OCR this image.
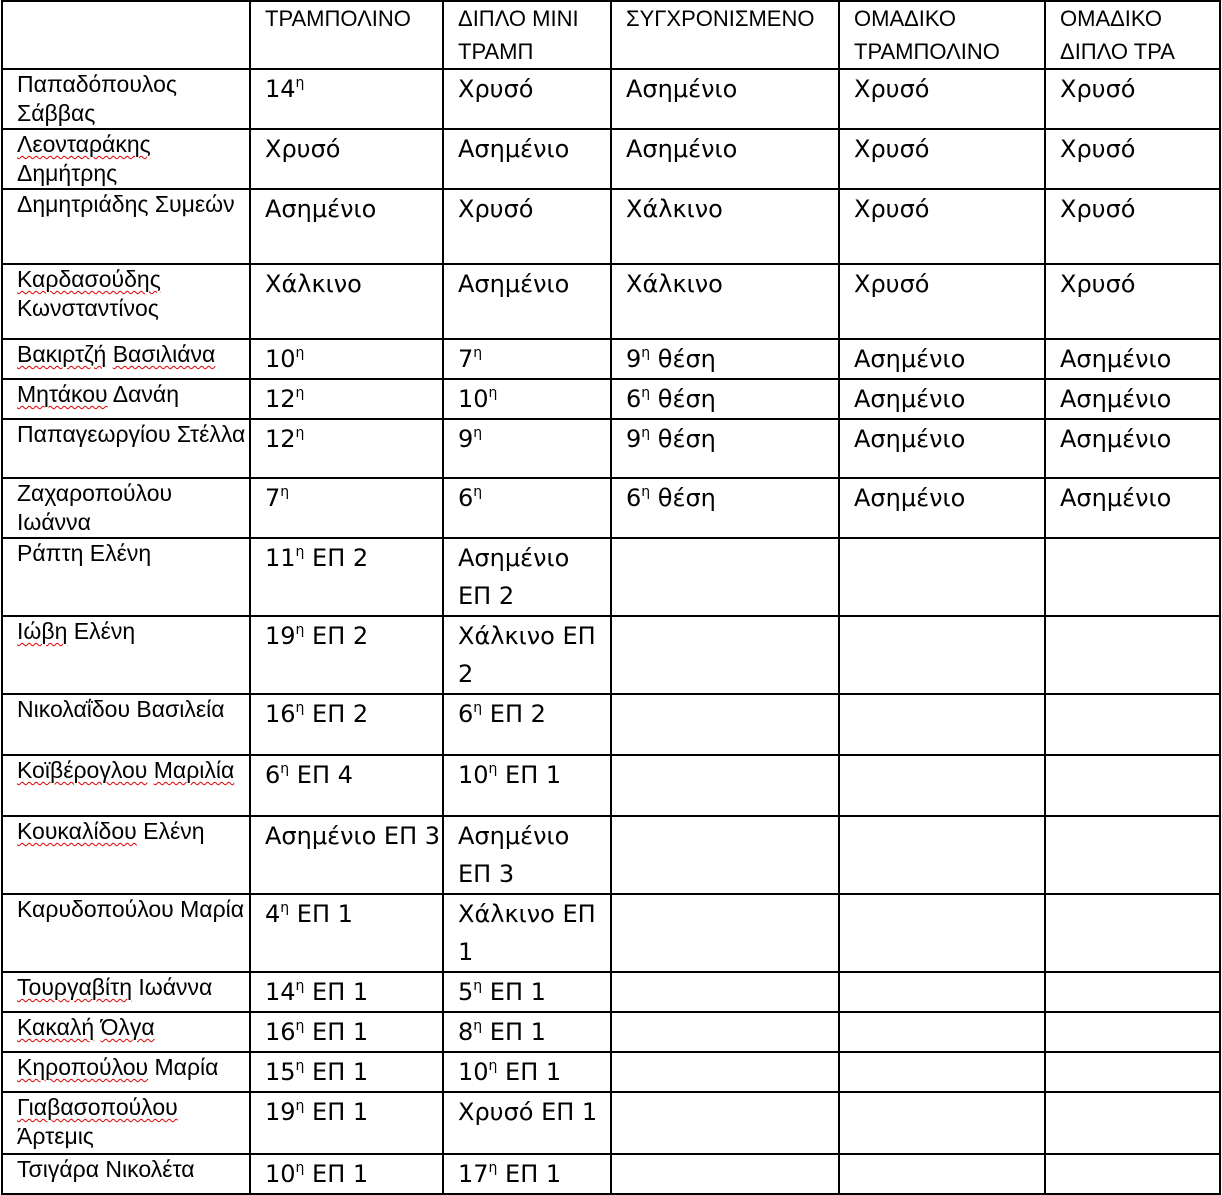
	ΤΡΑΜΠΟΛΙΝΟ	ΔΙΠΛΟ ΜΙΝΙ ΤΡΑΜΠ	ΣΥΓΧΡΟΝΙΣΜΕΝΟ	ΟΜΑΔΙΚΟ ΤΡΑΜΠΟΛΙΝΟ	ΟΜΑΔΙΚΟ ΔΙΠΛΟ ΤΡΑ
Παπαδόπουλος Σάββας	$14^\eta$	Χρυσό	Ασημένιο	Χρυσό	Χρυσό
Λεονταράκης Δημήτρης	Χρυσό	Ασημένιο	Ασημένιο	Χρυσό	Χρυσό
Δημητριάδης Συμεών	Ασημένιο	Χρυσό	Χάλκινο	Χρυσό	Χρυσό
Καρδασούδης Κωνσταντίνος	Χάλκινο	Ασημένιο	Χάλκινο	Χρυσό	Χρυσό
Βακιρτζή Βασιλιάνα	$10^\eta$	$7^\eta$	$9^\eta$ θέση	Ασημένιο	Ασημένιο
Μητάκου Δανάη	$12^\eta$	$10^\eta$	$6^\eta$ θέση	Ασημένιο	Ασημένιο
Παπαγεωργίου Στέλλα	$12^\eta$	$9^\eta$	$9^\eta$ θέση	Ασημένιο	Ασημένιο
Ζαχαροπούλου Ιωάννα	$7^\eta$	$6^\eta$	$6^\eta$ θέση	Ασημένιο	Ασημένιο
Ράπτη Ελένη	$11^\eta$ ΕΠ 2	Ασημένιο ΕΠ 2			
Ιώβη Ελένη	$19^\eta$ ΕΠ 2	Χάλκινο ΕΠ 2			
Νικολαΐδου Βασιλεία	$16^\eta$ ΕΠ 2	$6^\eta$ ΕΠ 2			
Κοϊβέρογλου Μαριλία	$6^\eta$ ΕΠ 4	$10^\eta$ ΕΠ 1			
Κουκαλίδου Ελένη	Ασημένιο ΕΠ 3	Ασημένιο ΕΠ 3			
Καρυδοπούλου Μαρία	$4^\eta$ ΕΠ 1	Χάλκινο ΕΠ 1			
Τουργαβίτη Ιωάννα	$14^\eta$ ΕΠ 1	$5^\eta$ ΕΠ 1			
Κακαλή Όλγα	$16^\eta$ ΕΠ 1	$8^\eta$ ΕΠ 1			
Κηροπούλου Μαρία	$15^\eta$ ΕΠ 1	$10^\eta$ ΕΠ 1			
Γιαβασοπούλου Άρτεμις	$19^\eta$ ΕΠ 1	Χρυσό ΕΠ 1			
Τσιγάρα Νικολέτα	$10^\eta$ ΕΠ 1	$17^\eta$ ΕΠ 1			
